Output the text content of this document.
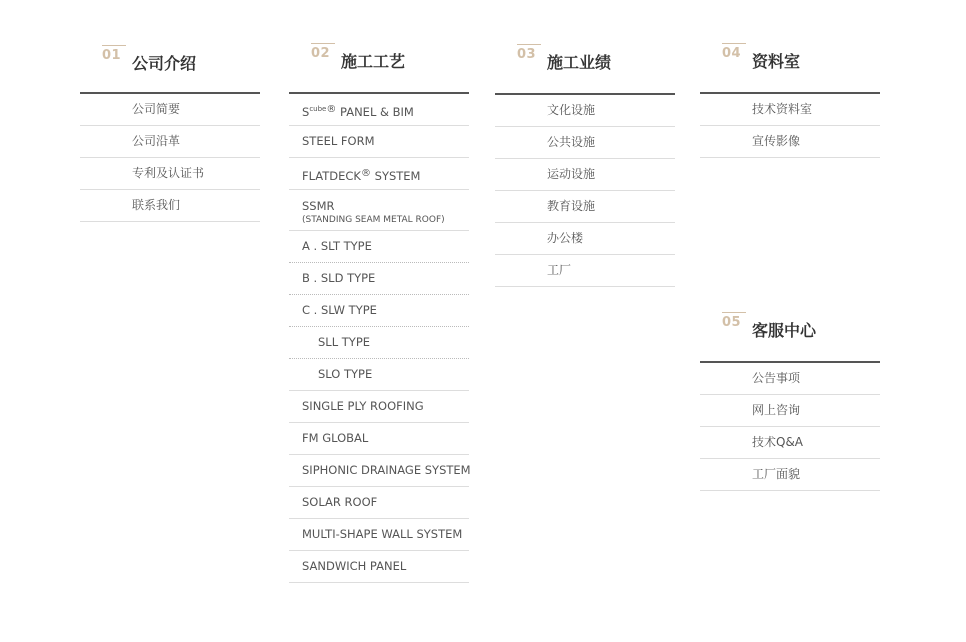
01 公司介绍
公司简要
公司沿革
专利及认证书
联系我们
02 施工工艺
$S^{cube}®$ PANEL & BIM
STEEL FORM
FLATDECK® SYSTEM
SSMR
(STANDING SEAM METAL ROOF)
A . SLT TYPE
B . SLD TYPE
C . SLW TYPE
SLL TYPE
SLO TYPE
SINGLE PLY ROOFING
FM GLOBAL
SIPHONIC DRAINAGE SYSTEM
SOLAR ROOF
MULTI-SHAPE WALL SYSTEM
SANDWICH PANEL
03 施工业绩
文化设施
公共设施
运动设施
教育设施
办公楼
工厂
04 资料室
技术资料室
宣传影像
05 客服中心
公告事项
网上咨询
技术Q&A
工厂面貌
